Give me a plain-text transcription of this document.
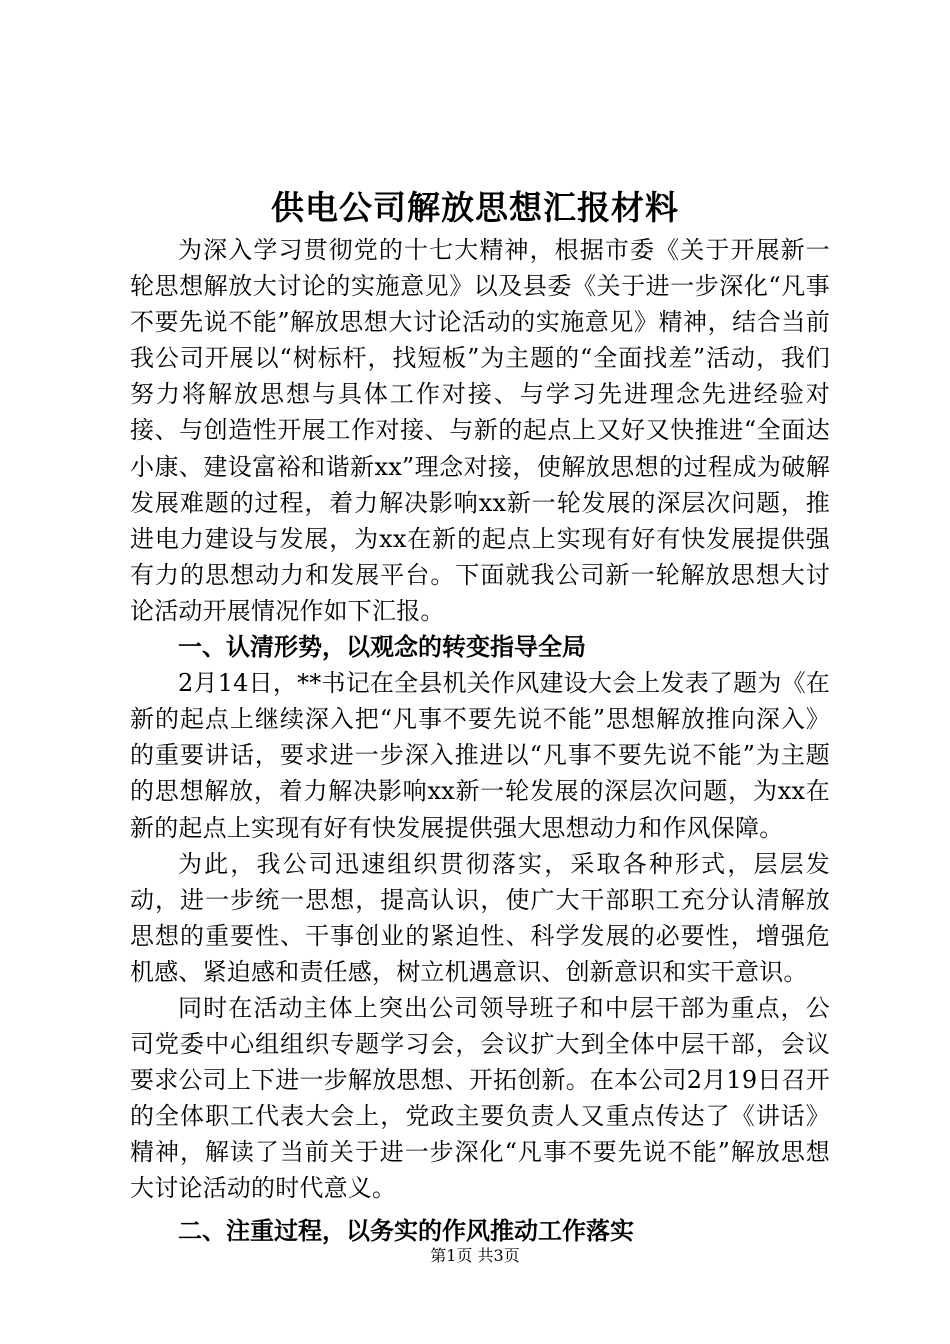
供电公司解放思想汇报材料

为深入学习贯彻党的十七大精神，根据市委《关于开展新一轮思想解放大讨论的实施意见》以及县委《关于进一步深化“凡事不要先说不能”解放思想大讨论活动的实施意见》精神，结合当前我公司开展以“树标杆，找短板”为主题的“全面找差”活动，我们努力将解放思想与具体工作对接、与学习先进理念先进经验对接、与创造性开展工作对接、与新的起点上又好又快推进“全面达小康、建设富裕和谐新xx”理念对接，使解放思想的过程成为破解发展难题的过程，着力解决影响xx新一轮发展的深层次问题，推进电力建设与发展，为xx在新的起点上实现有好有快发展提供强有力的思想动力和发展平台。下面就我公司新一轮解放思想大讨论活动开展情况作如下汇报。

一、认清形势，以观念的转变指导全局

2月14日，**书记在全县机关作风建设大会上发表了题为《在新的起点上继续深入把“凡事不要先说不能”思想解放推向深入》的重要讲话，要求进一步深入推进以“凡事不要先说不能”为主题的思想解放，着力解决影响xx新一轮发展的深层次问题，为xx在新的起点上实现有好有快发展提供强大思想动力和作风保障。

为此，我公司迅速组织贯彻落实，采取各种形式，层层发动，进一步统一思想，提高认识，使广大干部职工充分认清解放思想的重要性、干事创业的紧迫性、科学发展的必要性，增强危机感、紧迫感和责任感，树立机遇意识、创新意识和实干意识。

同时在活动主体上突出公司领导班子和中层干部为重点，公司党委中心组组织专题学习会，会议扩大到全体中层干部，会议要求公司上下进一步解放思想、开拓创新。在本公司2月19日召开的全体职工代表大会上，党政主要负责人又重点传达了《讲话》精神，解读了当前关于进一步深化“凡事不要先说不能”解放思想大讨论活动的时代意义。

二、注重过程，以务实的作风推动工作落实

第1页 共3页
